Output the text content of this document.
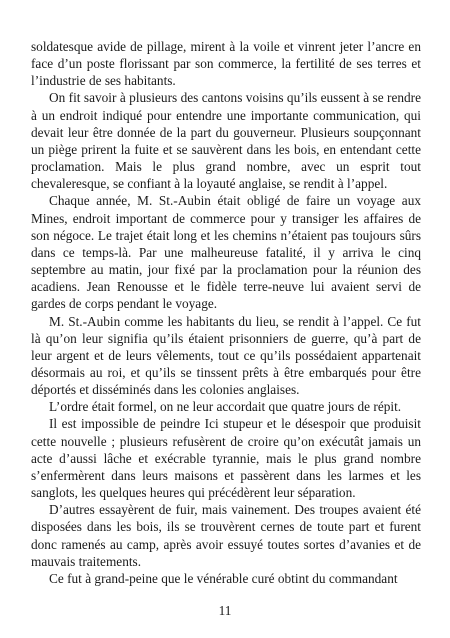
soldatesque avide de pillage, mirent à la voile et vinrent jeter l’ancre en face d’un poste florissant par son commerce, la fertilité de ses terres et l’industrie de ses habitants.

On fit savoir à plusieurs des cantons voisins qu’ils eussent à se rendre à un endroit indiqué pour entendre une importante communication, qui devait leur être donnée de la part du gouverneur. Plusieurs soupçonnant un piège prirent la fuite et se sauvèrent dans les bois, en entendant cette proclamation. Mais le plus grand nombre, avec un esprit tout chevaleresque, se confiant à la loyauté anglaise, se rendit à l’appel.

Chaque année, M. St.-Aubin était obligé de faire un voyage aux Mines, endroit important de commerce pour y transiger les affaires de son négoce. Le trajet était long et les chemins n’étaient pas toujours sûrs dans ce temps-là. Par une malheureuse fatalité, il y arriva le cinq septembre au matin, jour fixé par la proclamation pour la réunion des acadiens. Jean Renousse et le fidèle terre-neuve lui avaient servi de gardes de corps pendant le voyage.

M. St.-Aubin comme les habitants du lieu, se rendit à l’appel. Ce fut là qu’on leur signifia qu’ils étaient prisonniers de guerre, qu’à part de leur argent et de leurs vêlements, tout ce qu’ils possédaient appartenait désormais au roi, et qu’ils se tinssent prêts à être embarqués pour être déportés et disséminés dans les colonies anglaises.

L’ordre était formel, on ne leur accordait que quatre jours de répit.

Il est impossible de peindre Ici stupeur et le désespoir que produisit cette nouvelle ; plusieurs refusèrent de croire qu’on exécutât jamais un acte d’aussi lâche et exécrable tyrannie, mais le plus grand nombre s’enfermèrent dans leurs maisons et passèrent dans les larmes et les sanglots, les quelques heures qui précédèrent leur séparation.

D’autres essayèrent de fuir, mais vainement. Des troupes avaient été disposées dans les bois, ils se trouvèrent cernes de toute part et furent donc ramenés au camp, après avoir essuyé toutes sortes d’avanies et de mauvais traitements.

Ce fut à grand-peine que le vénérable curé obtint du commandant

11
